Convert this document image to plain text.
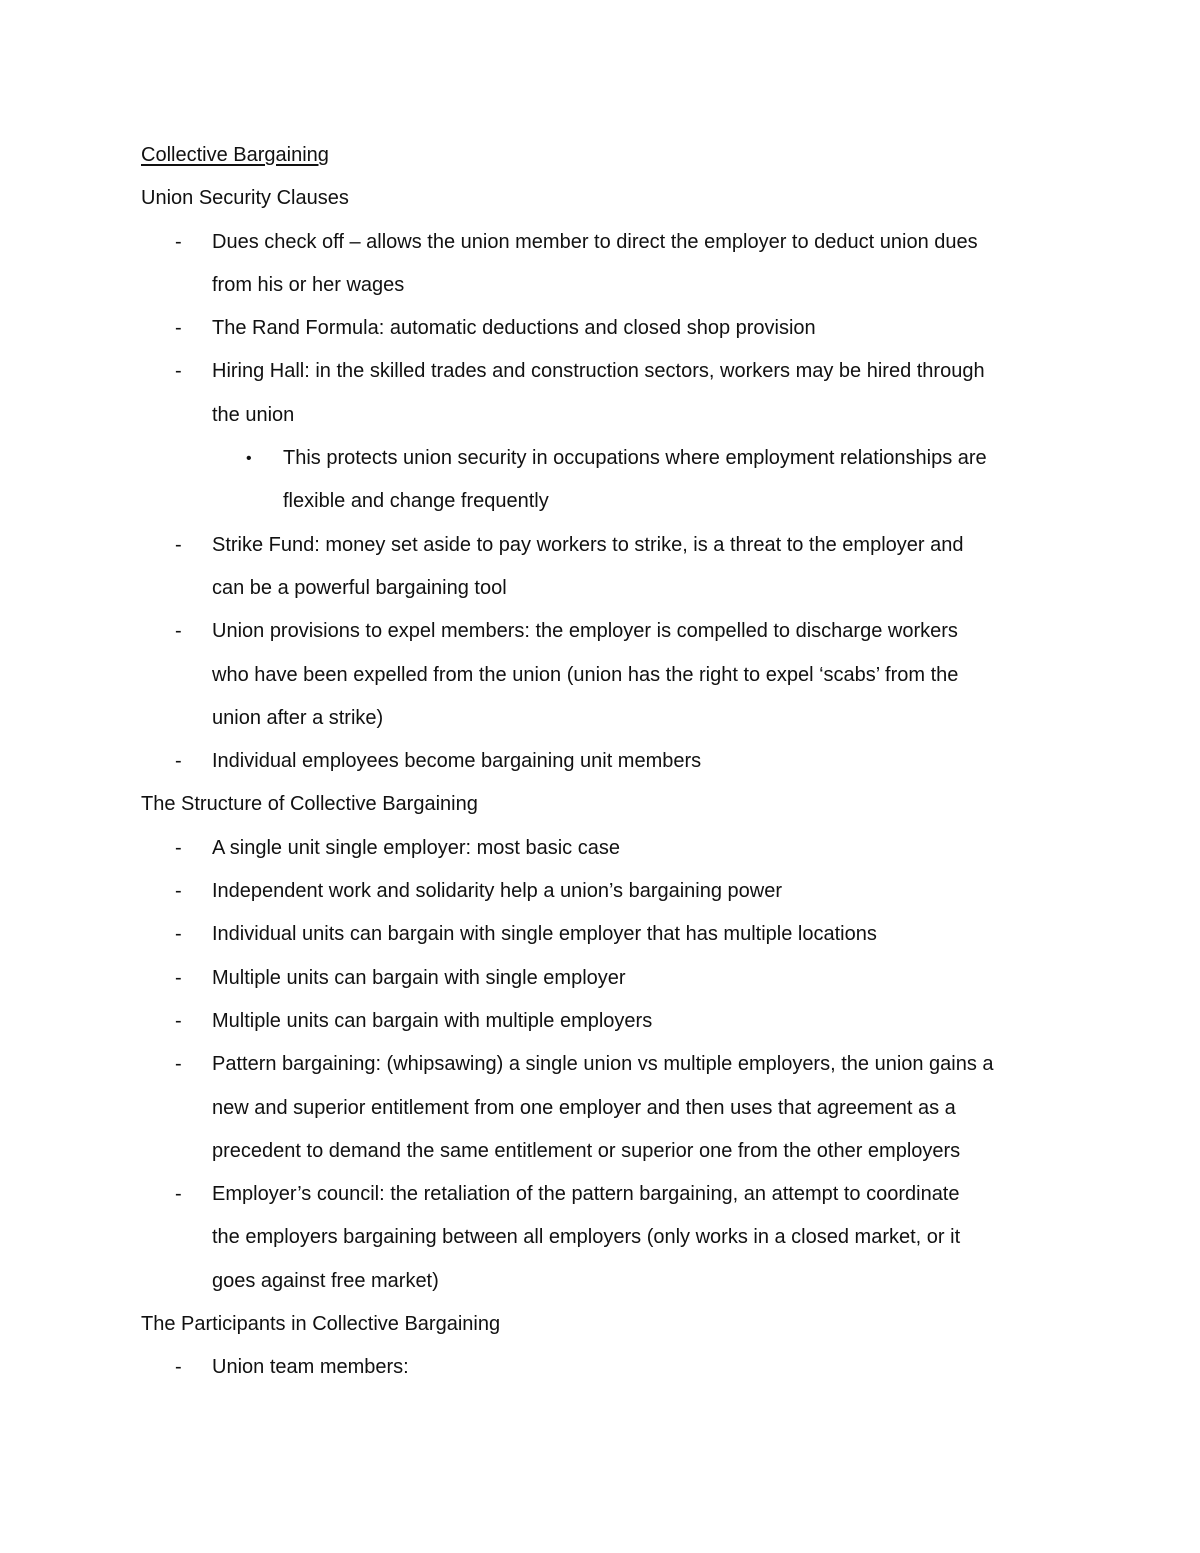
Collective Bargaining
Union Security Clauses
Dues check off – allows the union member to direct the employer to deduct union dues
-
from his or her wages
The Rand Formula: automatic deductions and closed shop provision
-
Hiring Hall: in the skilled trades and construction sectors, workers may be hired through
-
the union
This protects union security in occupations where employment relationships are
•
flexible and change frequently
Strike Fund: money set aside to pay workers to strike, is a threat to the employer and
-
can be a powerful bargaining tool
Union provisions to expel members: the employer is compelled to discharge workers
-
who have been expelled from the union (union has the right to expel ‘scabs’ from the
union after a strike)
Individual employees become bargaining unit members
-
The Structure of Collective Bargaining
A single unit single employer: most basic case
-
Independent work and solidarity help a union’s bargaining power
-
Individual units can bargain with single employer that has multiple locations
-
Multiple units can bargain with single employer
-
Multiple units can bargain with multiple employers
-
Pattern bargaining: (whipsawing) a single union vs multiple employers, the union gains a
-
new and superior entitlement from one employer and then uses that agreement as a
precedent to demand the same entitlement or superior one from the other employers
Employer’s council: the retaliation of the pattern bargaining, an attempt to coordinate
-
the employers bargaining between all employers (only works in a closed market, or it
goes against free market)
The Participants in Collective Bargaining
Union team members:
-
